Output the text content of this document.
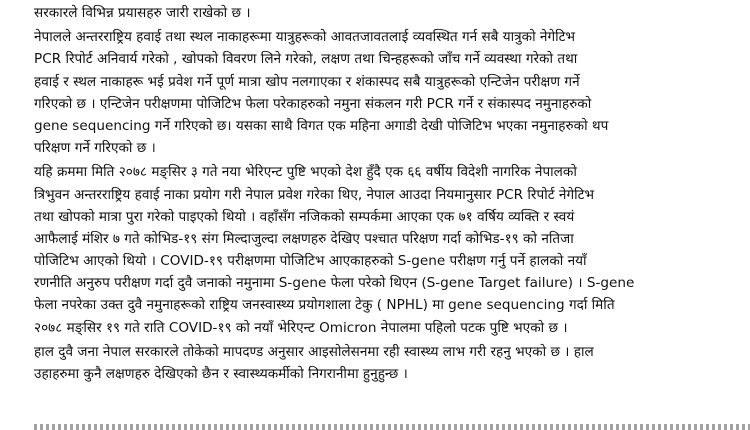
सरकारले विभिन्न प्रयासहरु जारी राखेको छ ।
नेपालले अन्तरराष्ट्रिय हवाई तथा स्थल नाकाहरूमा यात्रुहरूको आवतजावतलाई व्यवस्थित गर्न सबै यात्रुको नेगेटिभ
PCR रिपोर्ट अनिवार्य गरेको , खोपको विवरण लिने गरेको, लक्षण तथा चिन्हहरूको जाँच गर्ने व्यवस्था गरेको तथा
हवाई र स्थल नाकाहरू भई प्रवेश गर्ने पूर्ण मात्रा खोप नलगाएका र शंकास्पद सबै यात्रुहरूको एन्टिजेन परीक्षण गर्ने
गरिएको छ । एन्टिजेन परीक्षणमा पोजिटिभ फेला परेकाहरुको नमुना संकलन गरी PCR गर्ने र संकास्पद नमुनाहरुको
gene sequencing गर्ने गरिएको छ। यसका साथै विगत एक महिना अगाडी देखी पोजिटिभ भएका नमुनाहरुको थप
परिक्षण गर्ने गरिएको छ ।
यहि क्रममा मिति २०७८ मङ्सिर ३ गते नया भेरिएन्ट पुष्टि भएको देश हुँदै एक ६६ वर्षीय विदेशी नागरिक नेपालको
त्रिभुवन अन्तरराष्ट्रिय हवाई नाका प्रयोग गरी नेपाल प्रवेश गरेका थिए, नेपाल आउदा नियमानुसार PCR रिपोर्ट नेगेटिभ
तथा खोपको मात्रा पुरा गरेको पाइएको थियो । वहाँसँग नजिकको सम्पर्कमा आएका एक ७१ वर्षिय व्यक्ति र स्वयं
आफैलाई मंशिर ७ गते कोभिड-१९ संग मिल्दाजुल्दा लक्षणहरु देखिए पश्चात परिक्षण गर्दा कोभिड-१९ को नतिजा
पोजिटिभ आएको थियो । COVID-१९ परीक्षणमा पोजिटिभ आएकाहरुको S-gene परीक्षण गर्नु पर्ने हालको नयाँ
रणनीति अनुरुप परीक्षण गर्दा दुवै जनाको नमुनामा S-gene फेला परेको थिएन (S-gene Target failure) । S-gene
फेला नपरेका उक्त दुवै नमुनाहरूको राष्ट्रिय जनस्वास्थ्य प्रयोगशाला टेकु ( NPHL) मा gene sequencing गर्दा मिति
२०७८ मङ्सिर १९ गते राति COVID-१९ को नयाँ भेरिएन्ट Omicron नेपालमा पहिलो पटक पुष्टि भएको छ ।
हाल दुवै जना नेपाल सरकारले तोकेको मापदण्ड अनुसार आइसोलेसनमा रही स्वास्थ्य लाभ गरी रहनु भएको छ । हाल
उहाहरुमा कुनै लक्षणहरु देखिएको छैन र स्वास्थ्यकर्मीको निगरानीमा हुनुहुन्छ ।
